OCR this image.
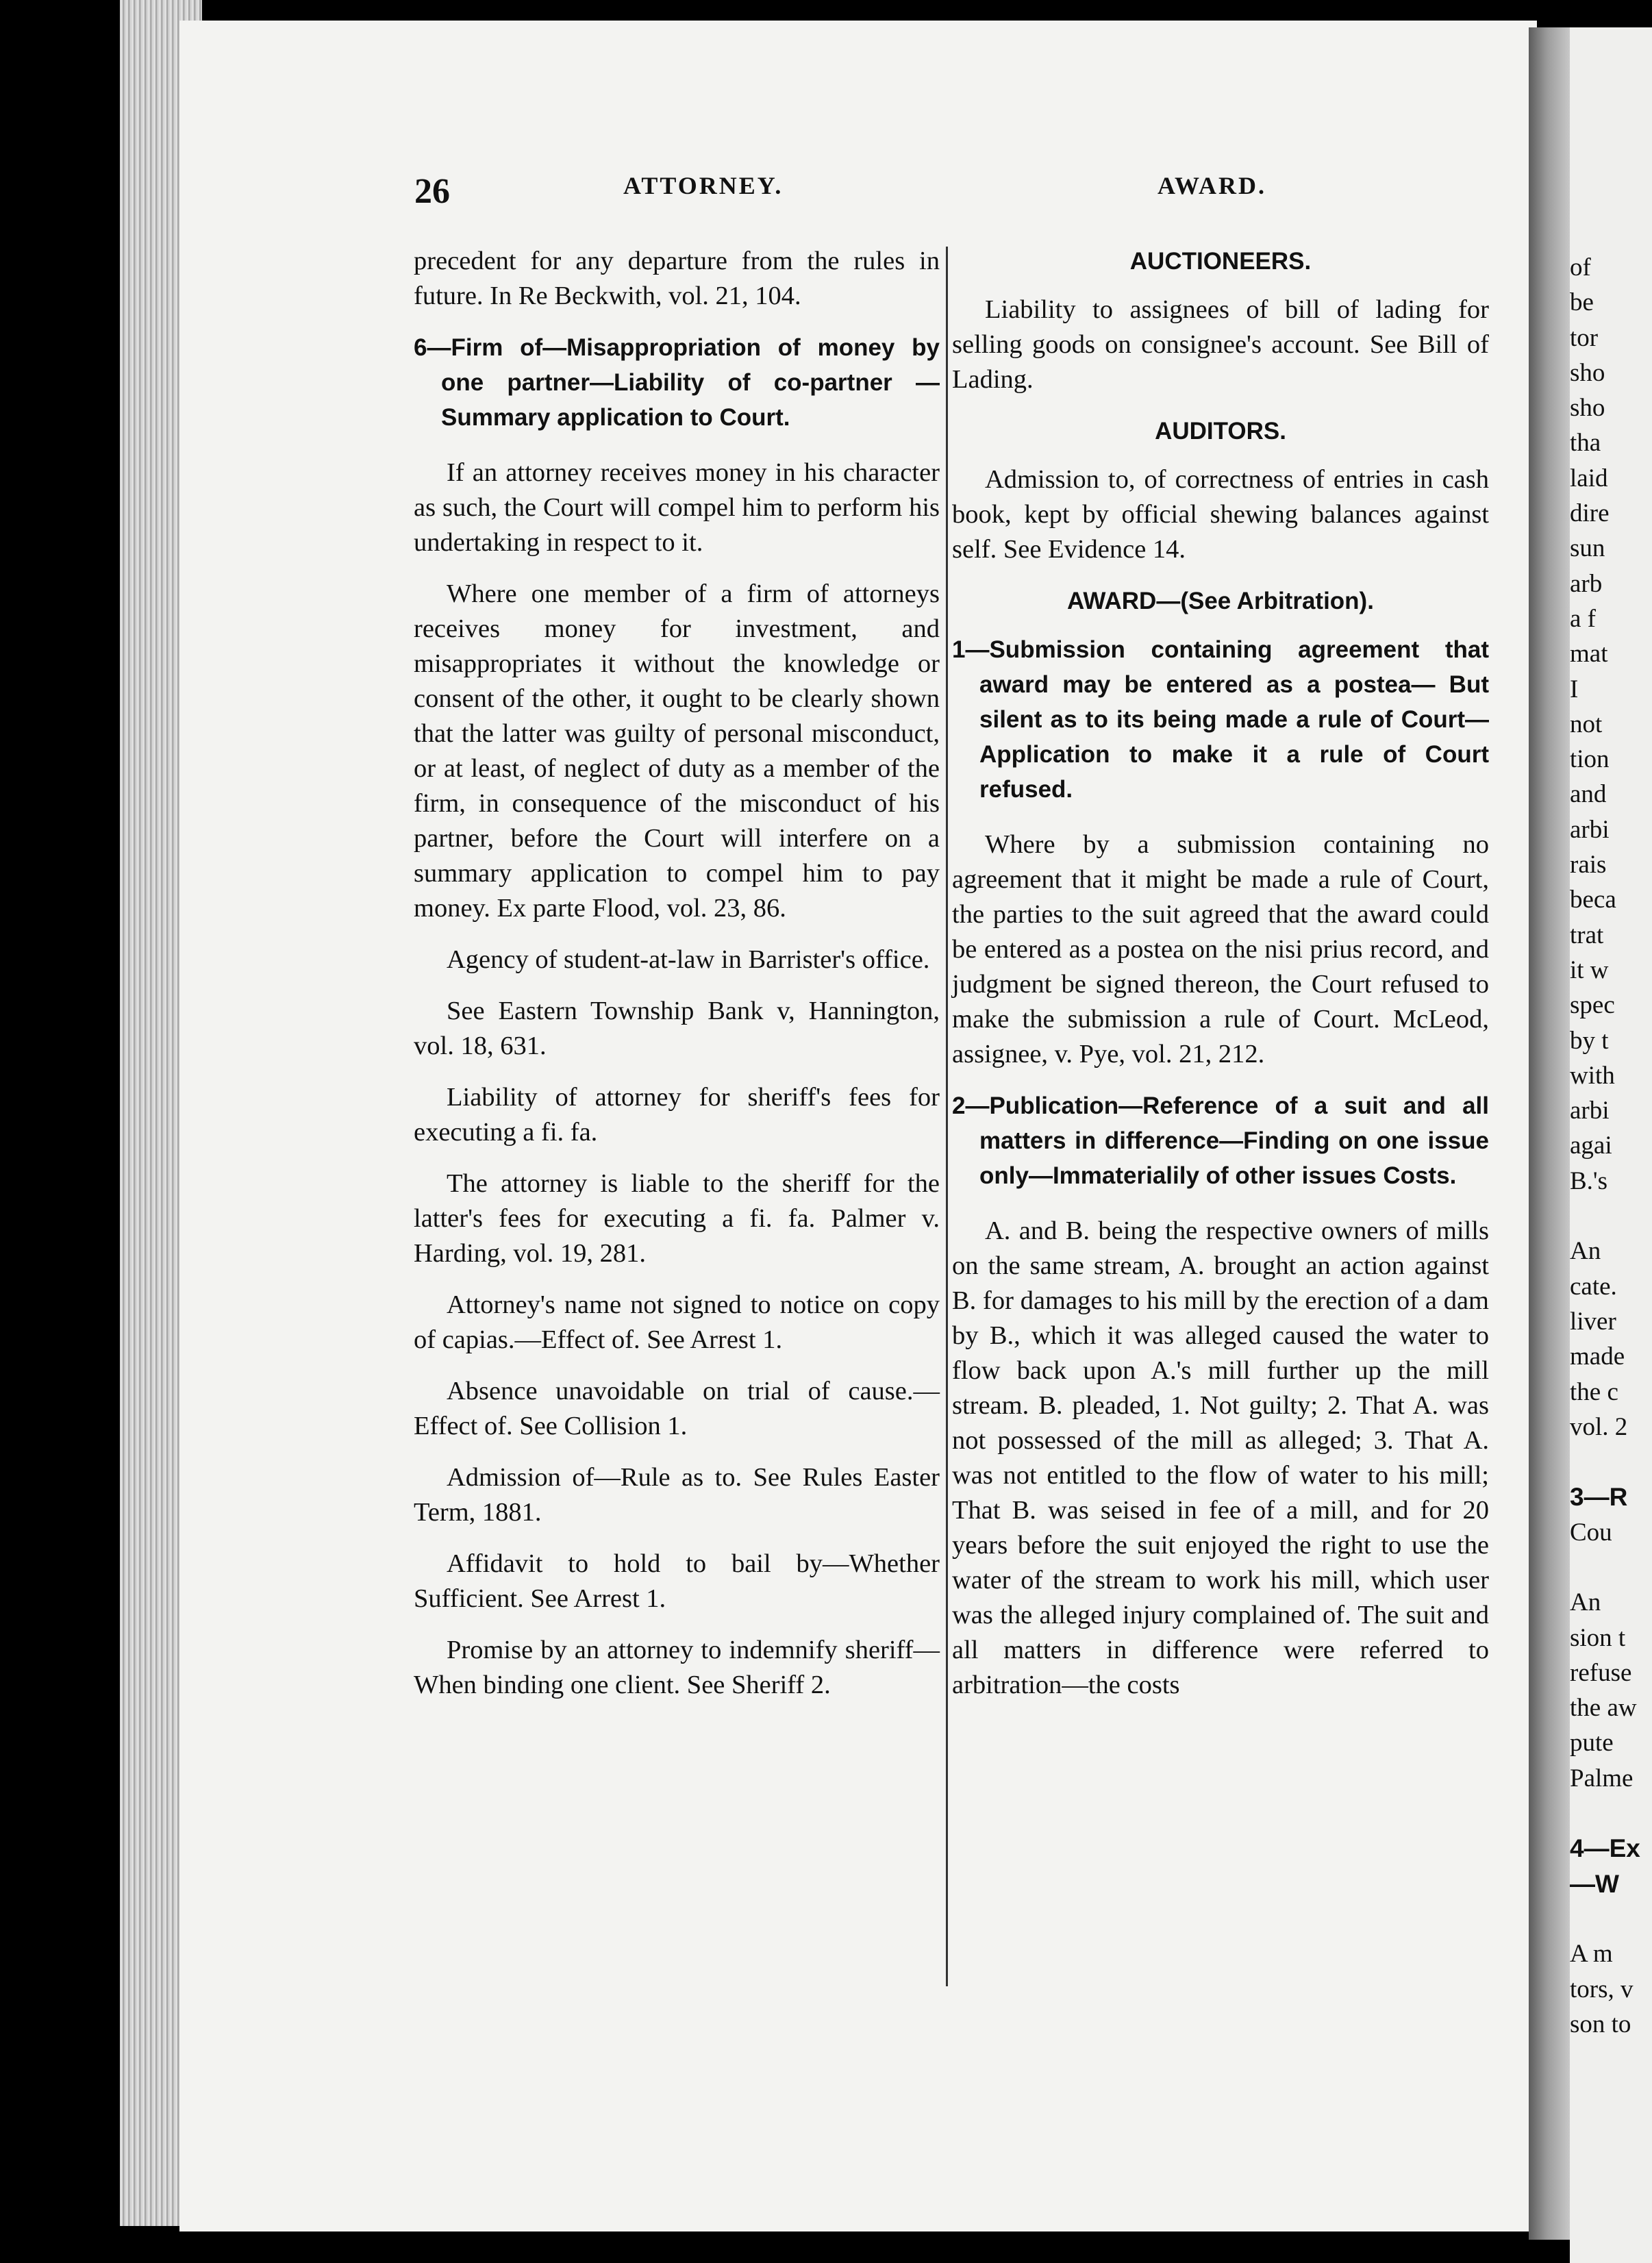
26	ATTORNEY.	AWARD.

precedent for any departure from the rules in future. In Re Beckwith, vol. 21, 104.

6—Firm of—Misappropriation of money by one partner—Liability of co-partner —Summary application to Court.

If an attorney receives money in his character as such, the Court will compel him to perform his undertaking in respect to it.

Where one member of a firm of attorneys receives money for investment, and misappropriates it without the knowledge or consent of the other, it ought to be clearly shown that the latter was guilty of personal misconduct, or at least, of neglect of duty as a member of the firm, in consequence of the misconduct of his partner, before the Court will interfere on a summary application to compel him to pay money. Ex parte Flood, vol. 23, 86.

Agency of student-at-law in Barrister's office.

See Eastern Township Bank v, Hannington, vol. 18, 631.

Liability of attorney for sheriff's fees for executing a fi. fa.

The attorney is liable to the sheriff for the latter's fees for executing a fi. fa. Palmer v. Harding, vol. 19, 281.

Attorney's name not signed to notice on copy of capias.—Effect of. See Arrest 1.

Absence unavoidable on trial of cause.—Effect of. See Collision 1.

Admission of—Rule as to. See Rules Easter Term, 1881.

Affidavit to hold to bail by—Whether Sufficient. See Arrest 1.

Promise by an attorney to indemnify sheriff—When binding one client. See Sheriff 2.

AUCTIONEERS.

Liability to assignees of bill of lading for selling goods on consignee's account. See Bill of Lading.

AUDITORS.

Admission to, of correctness of entries in cash book, kept by official shewing balances against self. See Evidence 14.

AWARD—(See Arbitration).

1—Submission containing agreement that award may be entered as a postea— But silent as to its being made a rule of Court—Application to make it a rule of Court refused.

Where by a submission containing no agreement that it might be made a rule of Court, the parties to the suit agreed that the award could be entered as a postea on the nisi prius record, and judgment be signed thereon, the Court refused to make the submission a rule of Court. McLeod, assignee, v. Pye, vol. 21, 212.

2—Publication—Reference of a suit and all matters in difference—Finding on one issue only—Immaterialily of other issues Costs.

A. and B. being the respective owners of mills on the same stream, A. brought an action against B. for damages to his mill by the erection of a dam by B., which it was alleged caused the water to flow back upon A.'s mill further up the mill stream. B. pleaded, 1. Not guilty; 2. That A. was not possessed of the mill as alleged; 3. That A. was not entitled to the flow of water to his mill; That B. was seised in fee of a mill, and for 20 years before the suit enjoyed the right to use the water of the stream to work his mill, which user was the alleged injury complained of. The suit and all matters in difference were referred to arbitration—the costs

of
be
tor
sho
sho
tha
laid
dire
sun
arb
a f
mat
I
not
tion
and
arbi
rais
beca
trat
it w
spec
by t
with
arbi
agai
B.'s
An
cate.
liver
made
the c
vol. 2
3—R
Cou
An
sion t
refuse
the aw
pute
Palme
4—Ex
—W
A m
tors, v
son to
